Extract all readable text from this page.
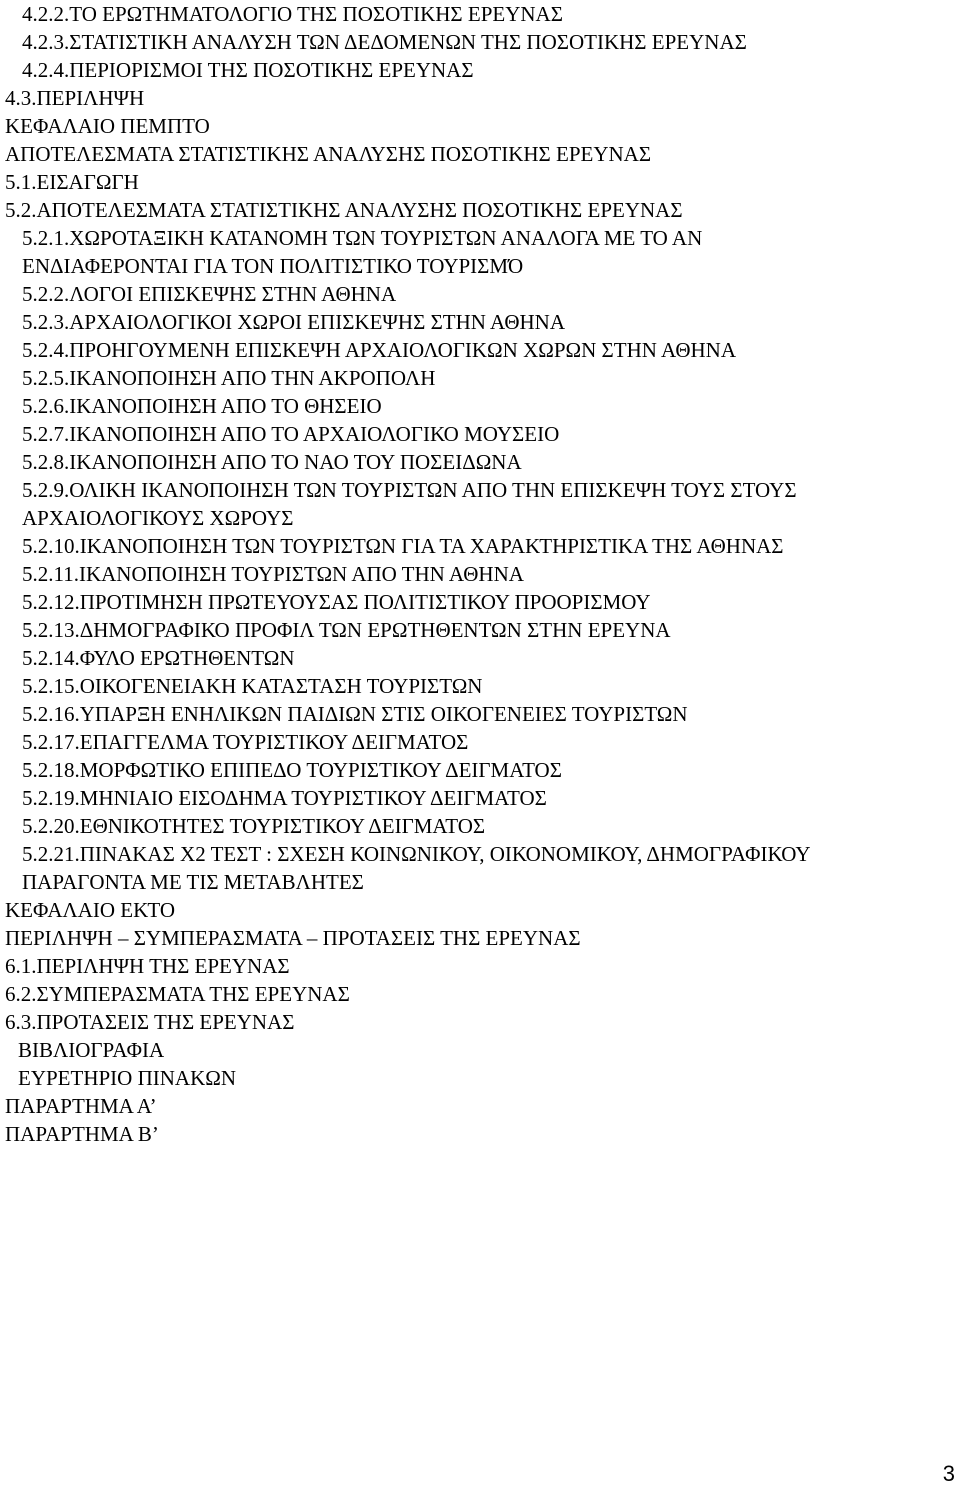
4.2.2.ΤΟ ΕΡΩΤΗΜΑΤΟΛΟΓΙΟ ΤΗΣ ΠΟΣΟΤΙΚΗΣ ΕΡΕΥΝΑΣ
4.2.3.ΣΤΑΤΙΣΤΙΚΗ ΑΝΑΛΥΣΗ ΤΩΝ ΔΕΔΟΜΕΝΩΝ ΤΗΣ ΠΟΣΟΤΙΚΗΣ ΕΡΕΥΝΑΣ
4.2.4.ΠΕΡΙΟΡΙΣΜΟΙ ΤΗΣ ΠΟΣΟΤΙΚΗΣ ΕΡΕΥΝΑΣ
4.3.ΠΕΡΙΛΗΨΗ
ΚΕΦΑΛΑΙΟ ΠΕΜΠΤΟ
ΑΠΟΤΕΛΕΣΜΑΤΑ ΣΤΑΤΙΣΤΙΚΗΣ ΑΝΑΛΥΣΗΣ ΠΟΣΟΤΙΚΗΣ ΕΡΕΥΝΑΣ
5.1.ΕΙΣΑΓΩΓΗ
5.2.ΑΠΟΤΕΛΕΣΜΑΤΑ ΣΤΑΤΙΣΤΙΚΗΣ ΑΝΑΛΥΣΗΣ ΠΟΣΟΤΙΚΗΣ ΕΡΕΥΝΑΣ
5.2.1.ΧΩΡΟΤΑΞΙΚΗ ΚΑΤΑΝΟΜΗ ΤΩΝ ΤΟΥΡΙΣΤΩΝ ΑΝΑΛΟΓΑ ΜΕ ΤΟ ΑΝ
ΕΝΔΙΑΦΕΡΟΝΤΑΙ ΓΙΑ ΤΟΝ ΠΟΛΙΤΙΣΤΙΚΟ ΤΟΥΡΙΣΜΌ
5.2.2.ΛΟΓΟΙ ΕΠΙΣΚΕΨΗΣ ΣΤΗΝ ΑΘΗΝΑ
5.2.3.ΑΡΧΑΙΟΛΟΓΙΚΟΙ ΧΩΡΟΙ ΕΠΙΣΚΕΨΗΣ ΣΤΗΝ ΑΘΗΝΑ
5.2.4.ΠΡΟΗΓΟΥΜΕΝΗ ΕΠΙΣΚΕΨΗ ΑΡΧΑΙΟΛΟΓΙΚΩΝ ΧΩΡΩΝ ΣΤΗΝ ΑΘΗΝΑ
5.2.5.ΙΚΑΝΟΠΟΙΗΣΗ ΑΠΟ ΤΗΝ ΑΚΡΟΠΟΛΗ
5.2.6.ΙΚΑΝΟΠΟΙΗΣΗ ΑΠΟ ΤΟ ΘΗΣΕΙΟ
5.2.7.ΙΚΑΝΟΠΟΙΗΣΗ ΑΠΟ ΤΟ ΑΡΧΑΙΟΛΟΓΙΚΟ ΜΟΥΣΕΙΟ
5.2.8.ΙΚΑΝΟΠΟΙΗΣΗ ΑΠΟ ΤΟ ΝΑΟ ΤΟΥ ΠΟΣΕΙΔΩΝΑ
5.2.9.ΟΛΙΚΗ ΙΚΑΝΟΠΟΙΗΣΗ ΤΩΝ ΤΟΥΡΙΣΤΩΝ ΑΠΟ ΤΗΝ ΕΠΙΣΚΕΨΗ ΤΟΥΣ ΣΤΟΥΣ
ΑΡΧΑΙΟΛΟΓΙΚΟΥΣ ΧΩΡΟΥΣ
5.2.10.ΙΚΑΝΟΠΟΙΗΣΗ ΤΩΝ ΤΟΥΡΙΣΤΩΝ ΓΙΑ ΤΑ ΧΑΡΑΚΤΗΡΙΣΤΙΚΑ ΤΗΣ ΑΘΗΝΑΣ
5.2.11.ΙΚΑΝΟΠΟΙΗΣΗ ΤΟΥΡΙΣΤΩΝ ΑΠΟ ΤΗΝ ΑΘΗΝΑ
5.2.12.ΠΡΟΤΙΜΗΣΗ ΠΡΩΤΕΥΟΥΣΑΣ ΠΟΛΙΤΙΣΤΙΚΟΥ ΠΡΟΟΡΙΣΜΟΥ
5.2.13.ΔΗΜΟΓΡΑΦΙΚΟ ΠΡΟΦΙΛ ΤΩΝ ΕΡΩΤΗΘΕΝΤΩΝ ΣΤΗΝ ΕΡΕΥΝΑ
5.2.14.ΦΥΛΟ ΕΡΩΤΗΘΕΝΤΩΝ
5.2.15.ΟΙΚΟΓΕΝΕΙΑΚΗ ΚΑΤΑΣΤΑΣΗ ΤΟΥΡΙΣΤΩΝ
5.2.16.ΥΠΑΡΞΗ ΕΝΗΛΙΚΩΝ ΠΑΙΔΙΩΝ ΣΤΙΣ ΟΙΚΟΓΕΝΕΙΕΣ ΤΟΥΡΙΣΤΩΝ
5.2.17.ΕΠΑΓΓΕΛΜΑ ΤΟΥΡΙΣΤΙΚΟΥ ΔΕΙΓΜΑΤΟΣ
5.2.18.ΜΟΡΦΩΤΙΚΟ ΕΠΙΠΕΔΟ ΤΟΥΡΙΣΤΙΚΟΥ ΔΕΙΓΜΑΤΟΣ
5.2.19.ΜΗΝΙΑΙΟ ΕΙΣΟΔΗΜΑ ΤΟΥΡΙΣΤΙΚΟΥ ΔΕΙΓΜΑΤΟΣ
5.2.20.ΕΘΝΙΚΟΤΗΤΕΣ ΤΟΥΡΙΣΤΙΚΟΥ ΔΕΙΓΜΑΤΟΣ
5.2.21.ΠΙΝΑΚΑΣ Χ2 ΤΕΣΤ : ΣΧΕΣΗ ΚΟΙΝΩΝΙΚΟΥ, ΟΙΚΟΝΟΜΙΚΟΥ, ΔΗΜΟΓΡΑΦΙΚΟΥ
ΠΑΡΑΓΟΝΤΑ ΜΕ ΤΙΣ ΜΕΤΑΒΛΗΤΕΣ
ΚΕΦΑΛΑΙΟ ΕΚΤΟ
ΠΕΡΙΛΗΨΗ – ΣΥΜΠΕΡΑΣΜΑΤΑ – ΠΡΟΤΑΣΕΙΣ ΤΗΣ ΕΡΕΥΝΑΣ
6.1.ΠΕΡΙΛΗΨΗ ΤΗΣ ΕΡΕΥΝΑΣ
6.2.ΣΥΜΠΕΡΑΣΜΑΤΑ ΤΗΣ ΕΡΕΥΝΑΣ
6.3.ΠΡΟΤΑΣΕΙΣ ΤΗΣ ΕΡΕΥΝΑΣ
ΒΙΒΛΙΟΓΡΑΦΙΑ
ΕΥΡΕΤΗΡΙΟ ΠΙΝΑΚΩΝ
ΠΑΡΑΡΤΗΜΑ Α’
ΠΑΡΑΡΤΗΜΑ Β’
3
